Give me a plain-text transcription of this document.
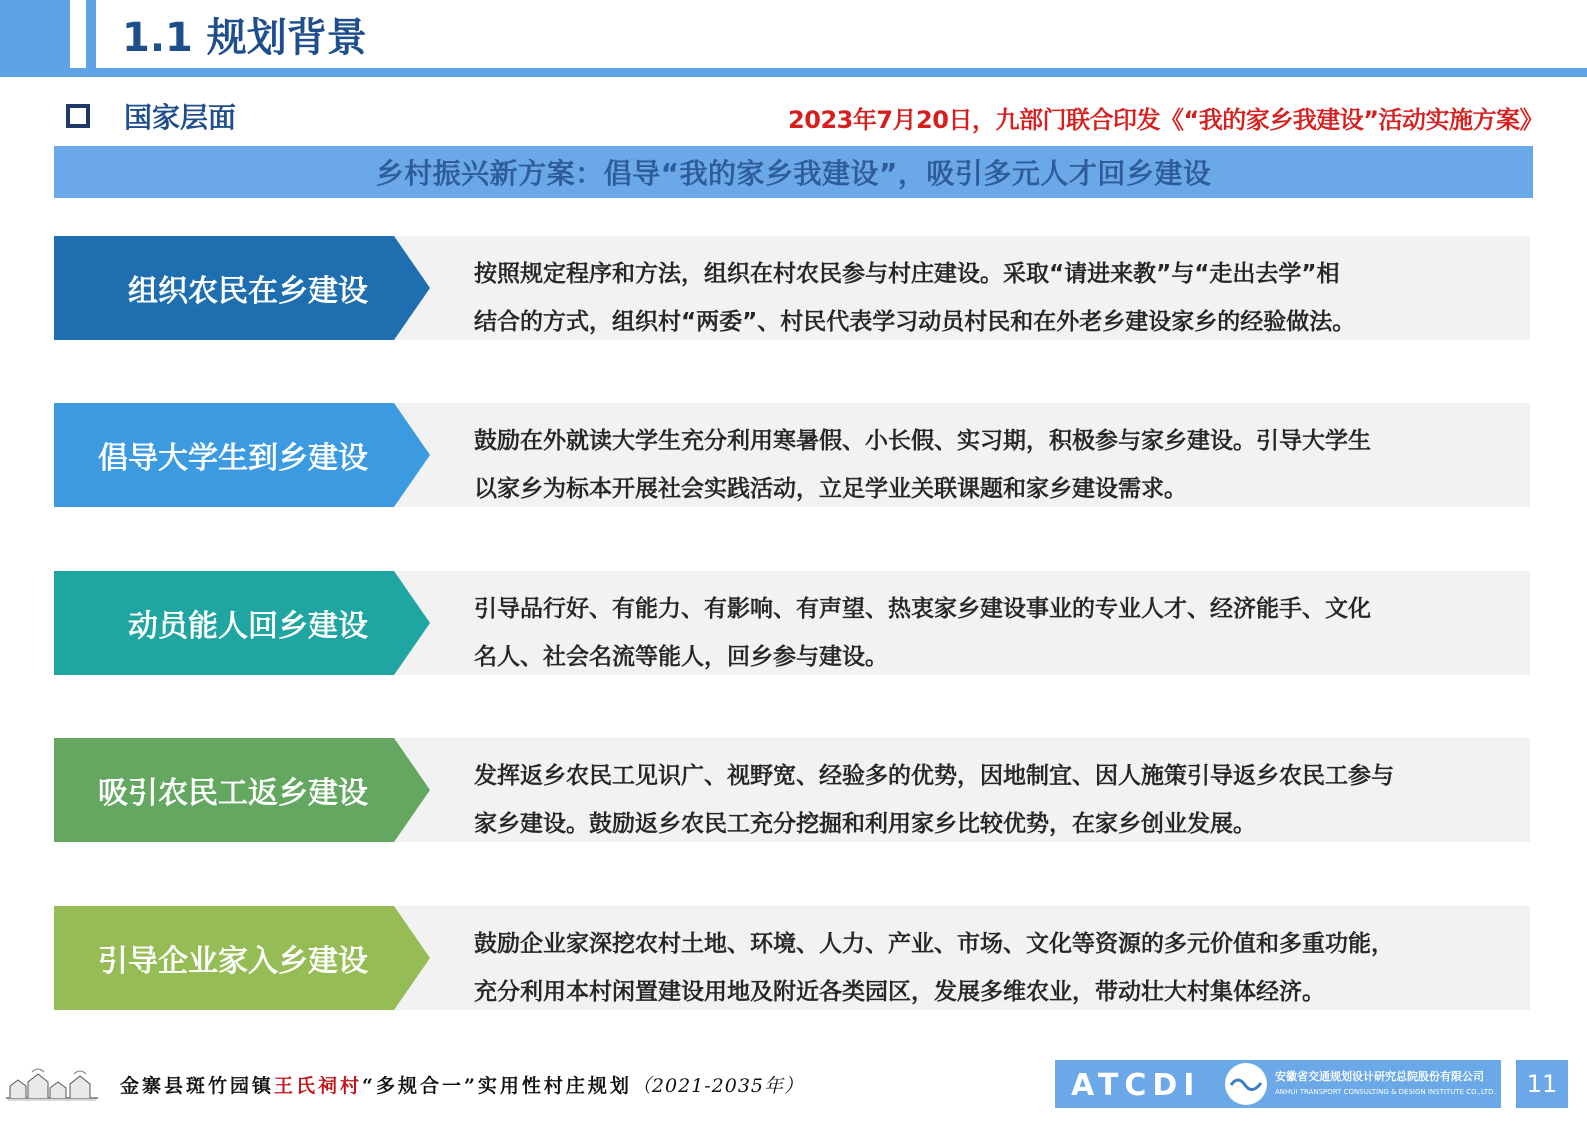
1.1 规划背景
国家层面	2023年7月20日，九部门联合印发《“我的家乡我建设”活动实施方案》
乡村振兴新方案：倡导“我的家乡我建设”，吸引多元人才回乡建设
组织农民在乡建设	按照规定程序和方法，组织在村农民参与村庄建设。采取“请进来教”与“走出去学”相
结合的方式，组织村“两委”、村民代表学习动员村民和在外老乡建设家乡的经验做法。
倡导大学生到乡建设	鼓励在外就读大学生充分利用寒暑假、小长假、实习期，积极参与家乡建设。引导大学生
以家乡为标本开展社会实践活动，立足学业关联课题和家乡建设需求。
动员能人回乡建设	引导品行好、有能力、有影响、有声望、热衷家乡建设事业的专业人才、经济能手、文化
名人、社会名流等能人，回乡参与建设。
吸引农民工返乡建设	发挥返乡农民工见识广、视野宽、经验多的优势，因地制宜、因人施策引导返乡农民工参与
家乡建设。鼓励返乡农民工充分挖掘和利用家乡比较优势，在家乡创业发展。
引导企业家入乡建设	鼓励企业家深挖农村土地、环境、人力、产业、市场、文化等资源的多元价值和多重功能，
充分利用本村闲置建设用地及附近各类园区，发展多维农业，带动壮大村集体经济。
金寨县斑竹园镇王氏祠村“多规合一”实用性村庄规划（2021-2035年）	ATCDI	安徽省交通规划设计研究总院股份有限公司
ANHUI TRANSPORT CONSULTING & DESIGN INSTITUTE CO.,LTD.	11
